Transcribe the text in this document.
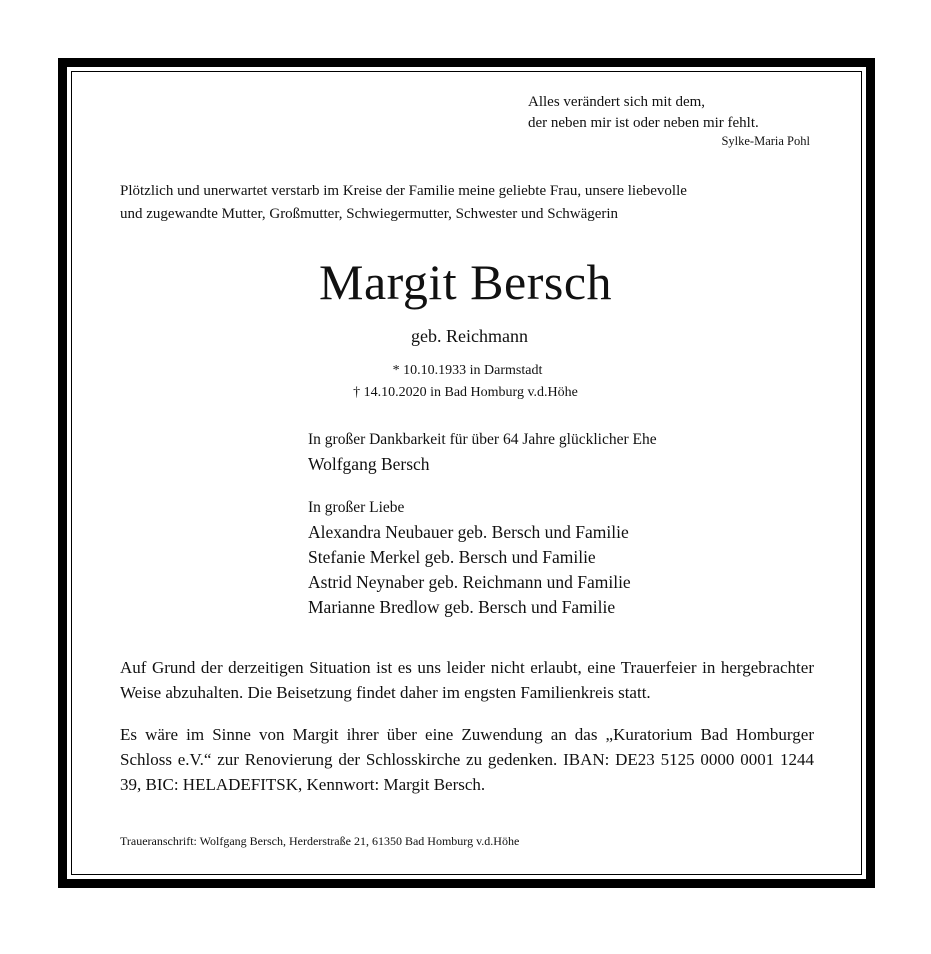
Alles verändert sich mit dem,
der neben mir ist oder neben mir fehlt.
Sylke-Maria Pohl
Plötzlich und unerwartet verstarb im Kreise der Familie meine geliebte Frau, unsere liebevolle
und zugewandte Mutter, Großmutter, Schwiegermutter, Schwester und Schwägerin
Margit Bersch
geb. Reichmann
* 10.10.1933 in Darmstadt
† 14.10.2020 in Bad Homburg v.d.Höhe
In großer Dankbarkeit für über 64 Jahre glücklicher Ehe
Wolfgang Bersch
In großer Liebe
Alexandra Neubauer geb. Bersch und Familie
Stefanie Merkel geb. Bersch und Familie
Astrid Neynaber geb. Reichmann und Familie
Marianne Bredlow geb. Bersch und Familie

Auf Grund der derzeitigen Situation ist es uns leider nicht erlaubt, eine Trauerfeier in hergebrachter Weise abzuhalten. Die Beisetzung findet daher im engsten Familienkreis statt.

Es wäre im Sinne von Margit ihrer über eine Zuwendung an das „Kuratorium Bad Homburger Schloss e.V.“ zur Renovierung der Schlosskirche zu gedenken. IBAN: DE23 5125 0000 0001 1244 39, BIC: HELADEFITSK, Kennwort: Margit Bersch.

Traueranschrift: Wolfgang Bersch, Herderstraße 21, 61350 Bad Homburg v.d.Höhe
